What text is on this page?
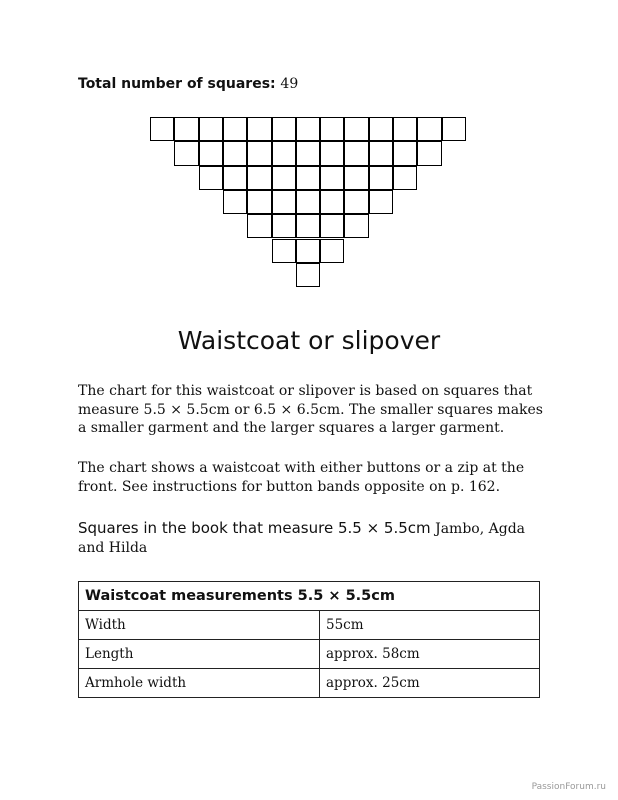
Total number of squares: 49
Waistcoat or slipover
The chart for this waistcoat or slipover is based on squares that measure 5.5 × 5.5cm or 6.5 × 6.5cm. The smaller squares makes a smaller garment and the larger squares a larger garment.
The chart shows a waistcoat with either buttons or a zip at the front. See instructions for button bands opposite on p. 162.
Squares in the book that measure 5.5 × 5.5cm Jambo, Agda and Hilda
Waistcoat measurements 5.5 × 5.5cm	
Width	55cm
Length	approx. 58cm
Armhole width	approx. 25cm
PassionForum.ru
